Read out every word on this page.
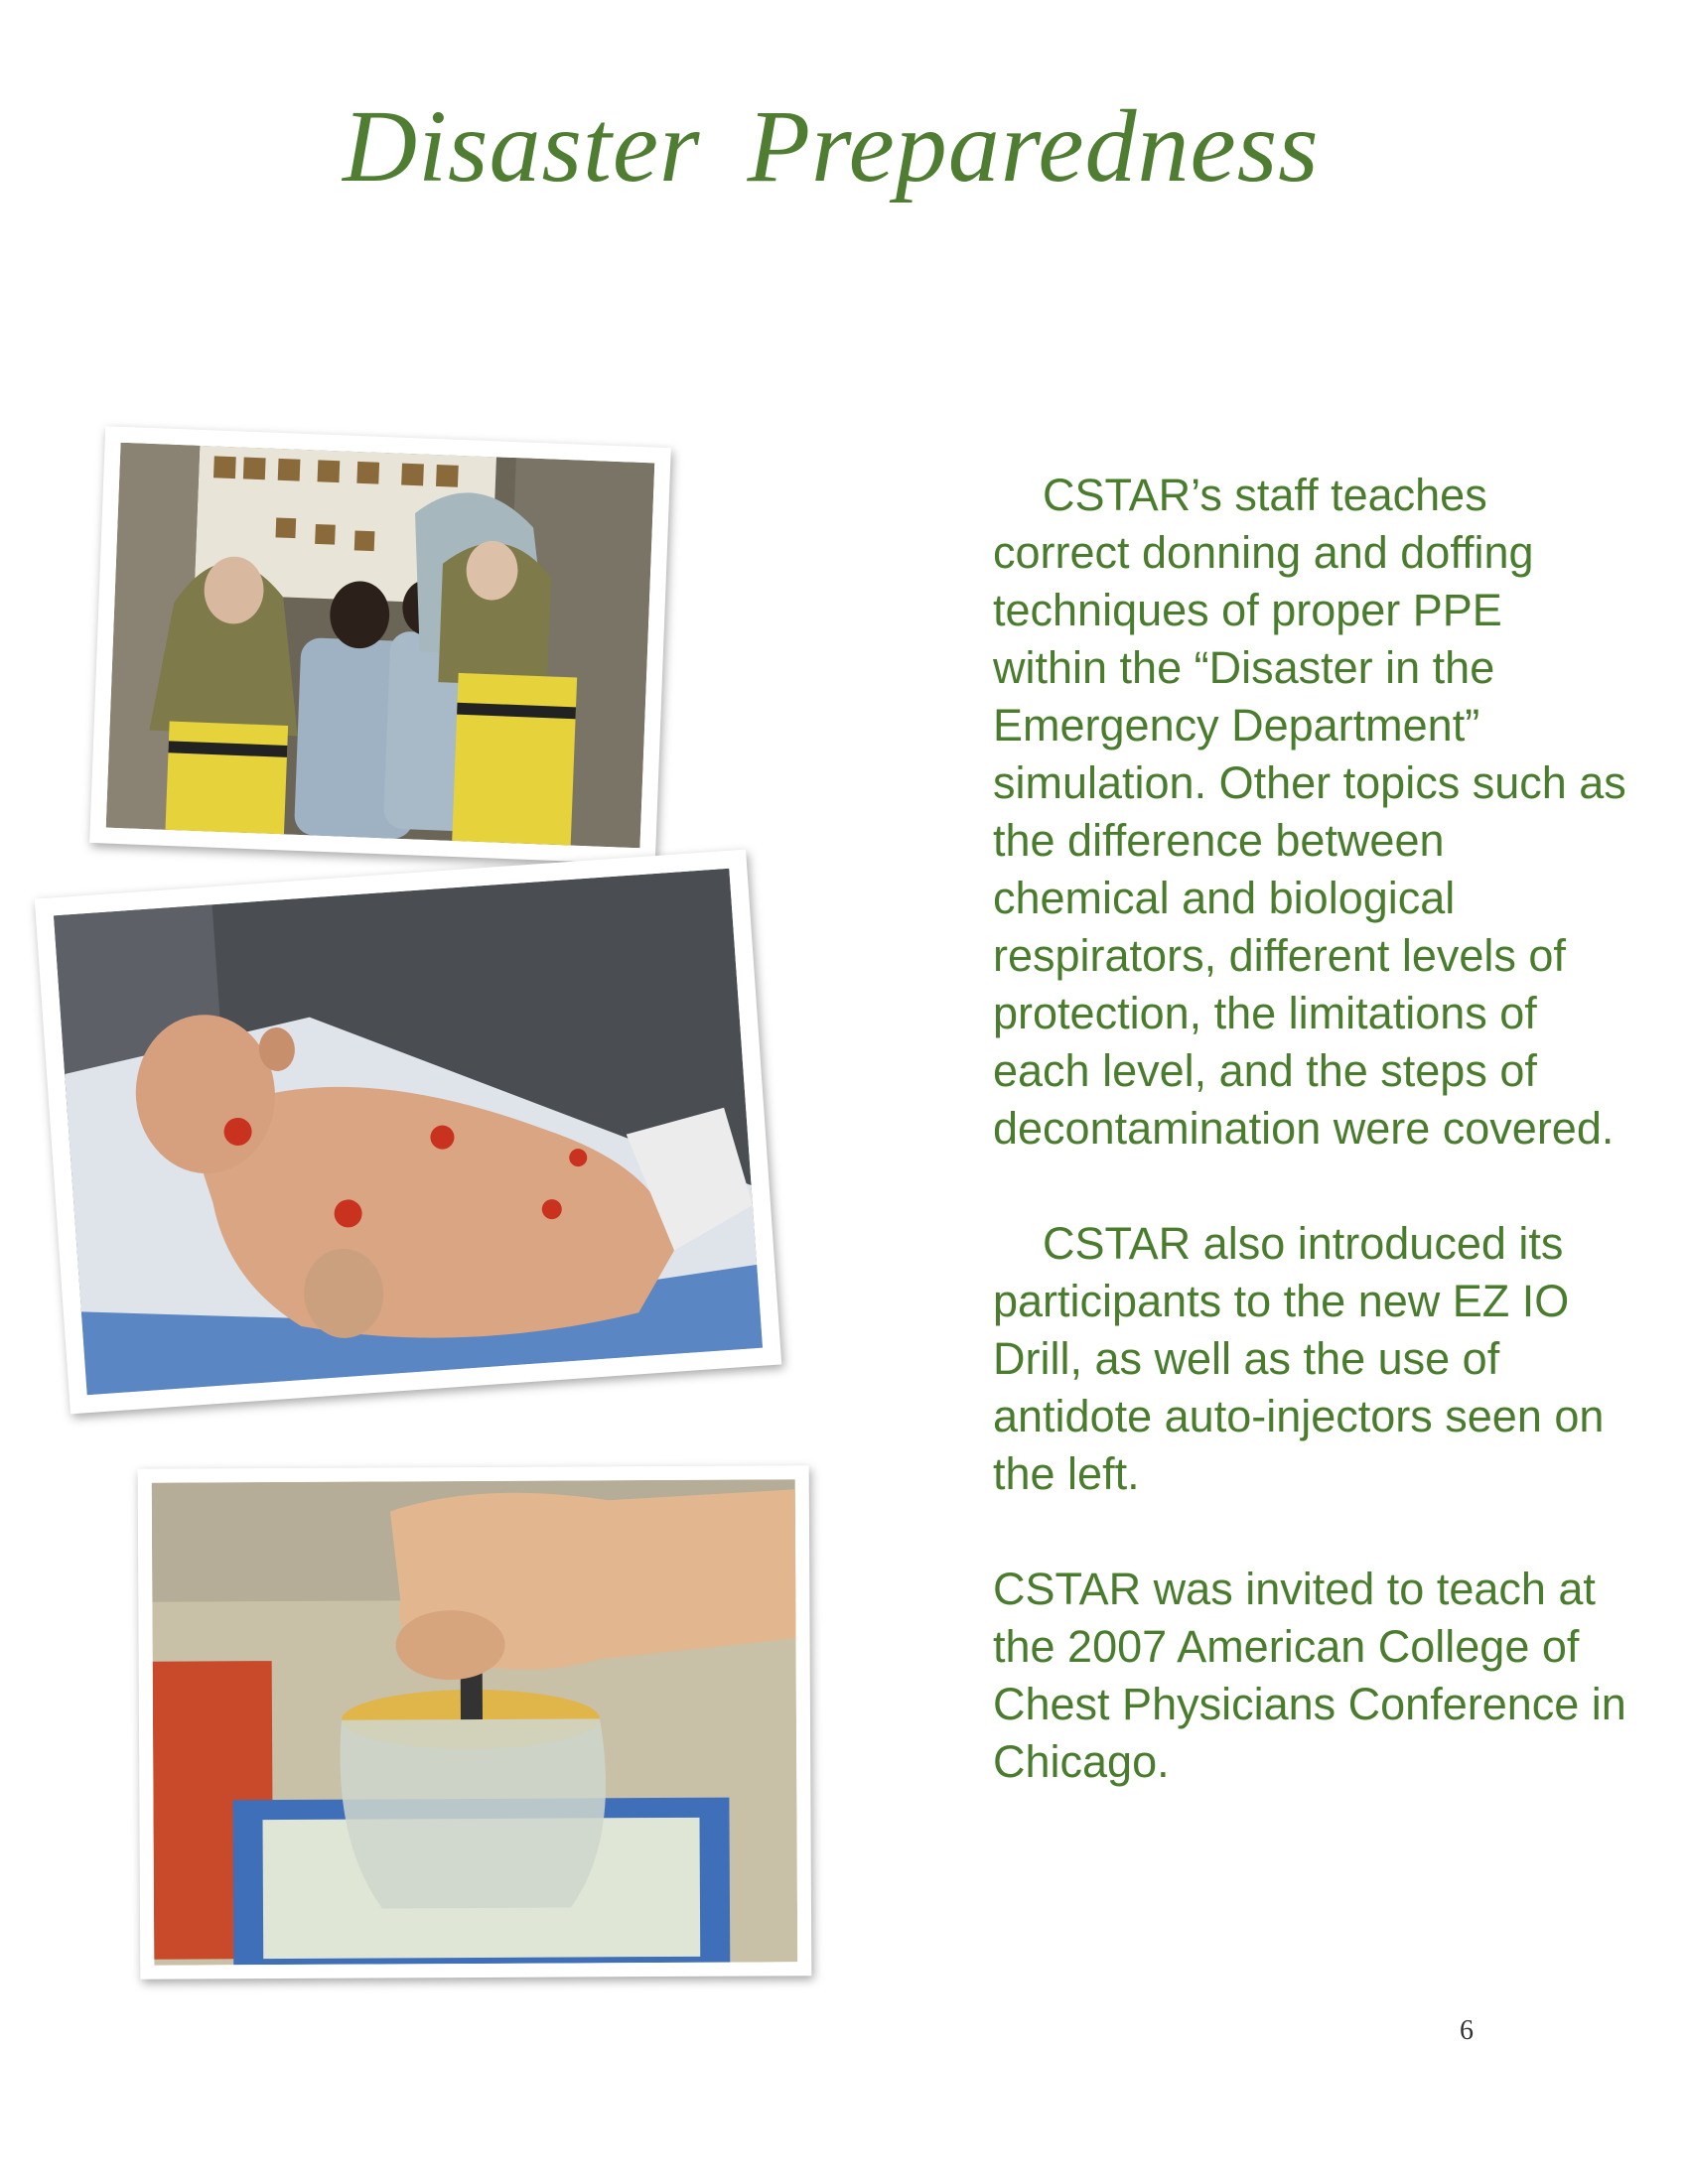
Disaster Preparedness

CSTAR’s staff teaches correct donning and doffing techniques of proper PPE within the “Disaster in the Emergency Department” simulation. Other topics such as the difference between chemical and biological respirators, different levels of protection, the limitations of each level, and the steps of decontamination were covered.

CSTAR also introduced its participants to the new EZ IO Drill, as well as the use of antidote auto-injectors seen on the left.

CSTAR was invited to teach at the 2007 American College of Chest Physicians Conference in Chicago.

6
